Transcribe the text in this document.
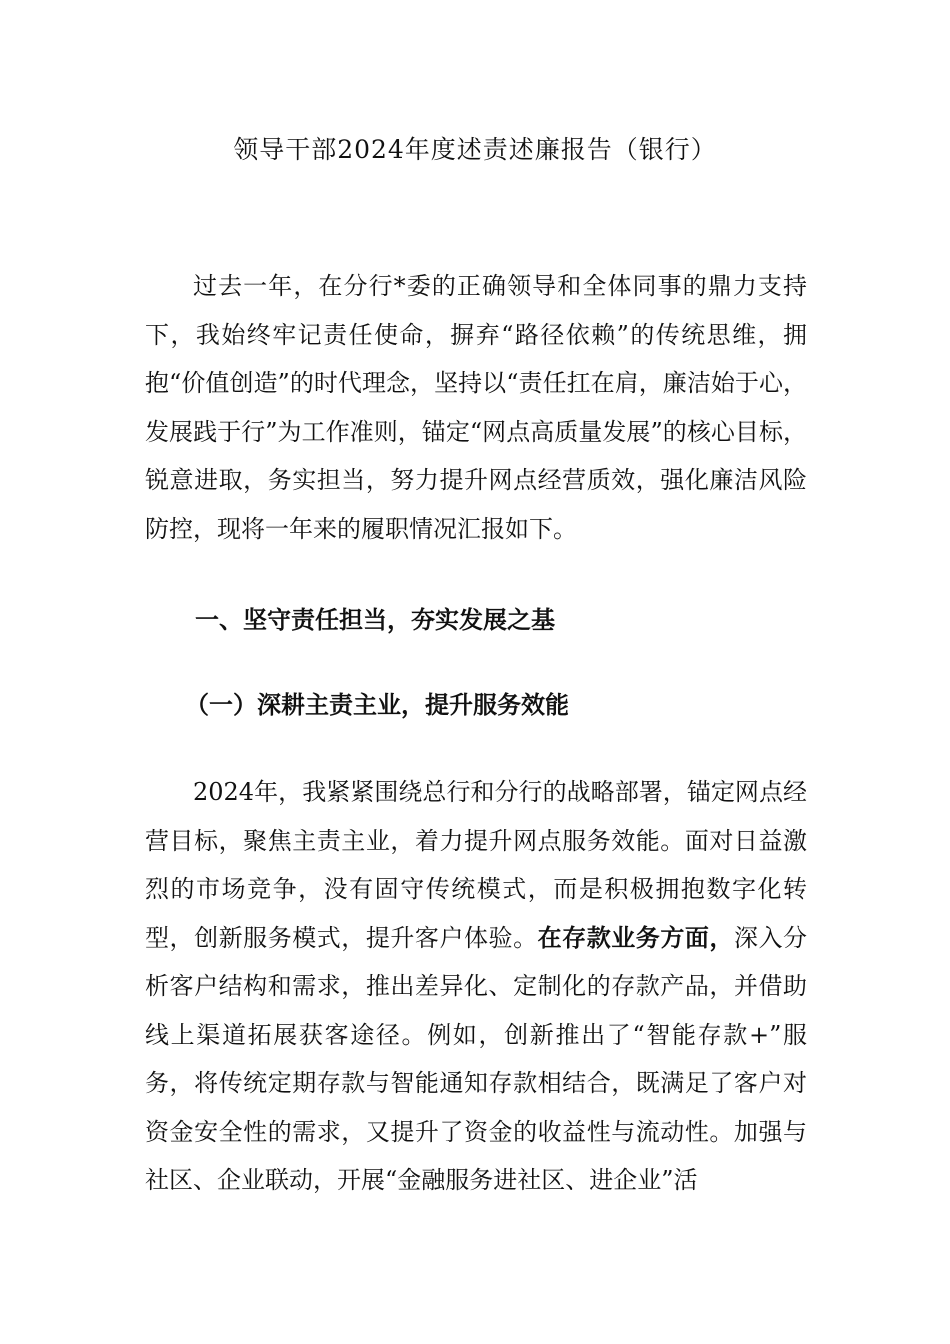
领导干部2024年度述责述廉报告（银行）

过去一年，在分行*委的正确领导和全体同事的鼎力支持下，我始终牢记责任使命，摒弃“路径依赖”的传统思维，拥抱“价值创造”的时代理念，坚持以“责任扛在肩，廉洁始于心，发展践于行”为工作准则，锚定“网点高质量发展”的核心目标，锐意进取，务实担当，努力提升网点经营质效，强化廉洁风险防控，现将一年来的履职情况汇报如下。

一、坚守责任担当，夯实发展之基
（一）深耕主责主业，提升服务效能

2024年，我紧紧围绕总行和分行的战略部署，锚定网点经营目标，聚焦主责主业，着力提升网点服务效能。面对日益激烈的市场竞争，没有固守传统模式，而是积极拥抱数字化转型，创新服务模式，提升客户体验。在存款业务方面，深入分析客户结构和需求，推出差异化、定制化的存款产品，并借助线上渠道拓展获客途径。例如，创新推出了“智能存款+”服务，将传统定期存款与智能通知存款相结合，既满足了客户对资金安全性的需求，又提升了资金的收益性与流动性。加强与社区、企业联动，开展“金融服务进社区、进企业”活
